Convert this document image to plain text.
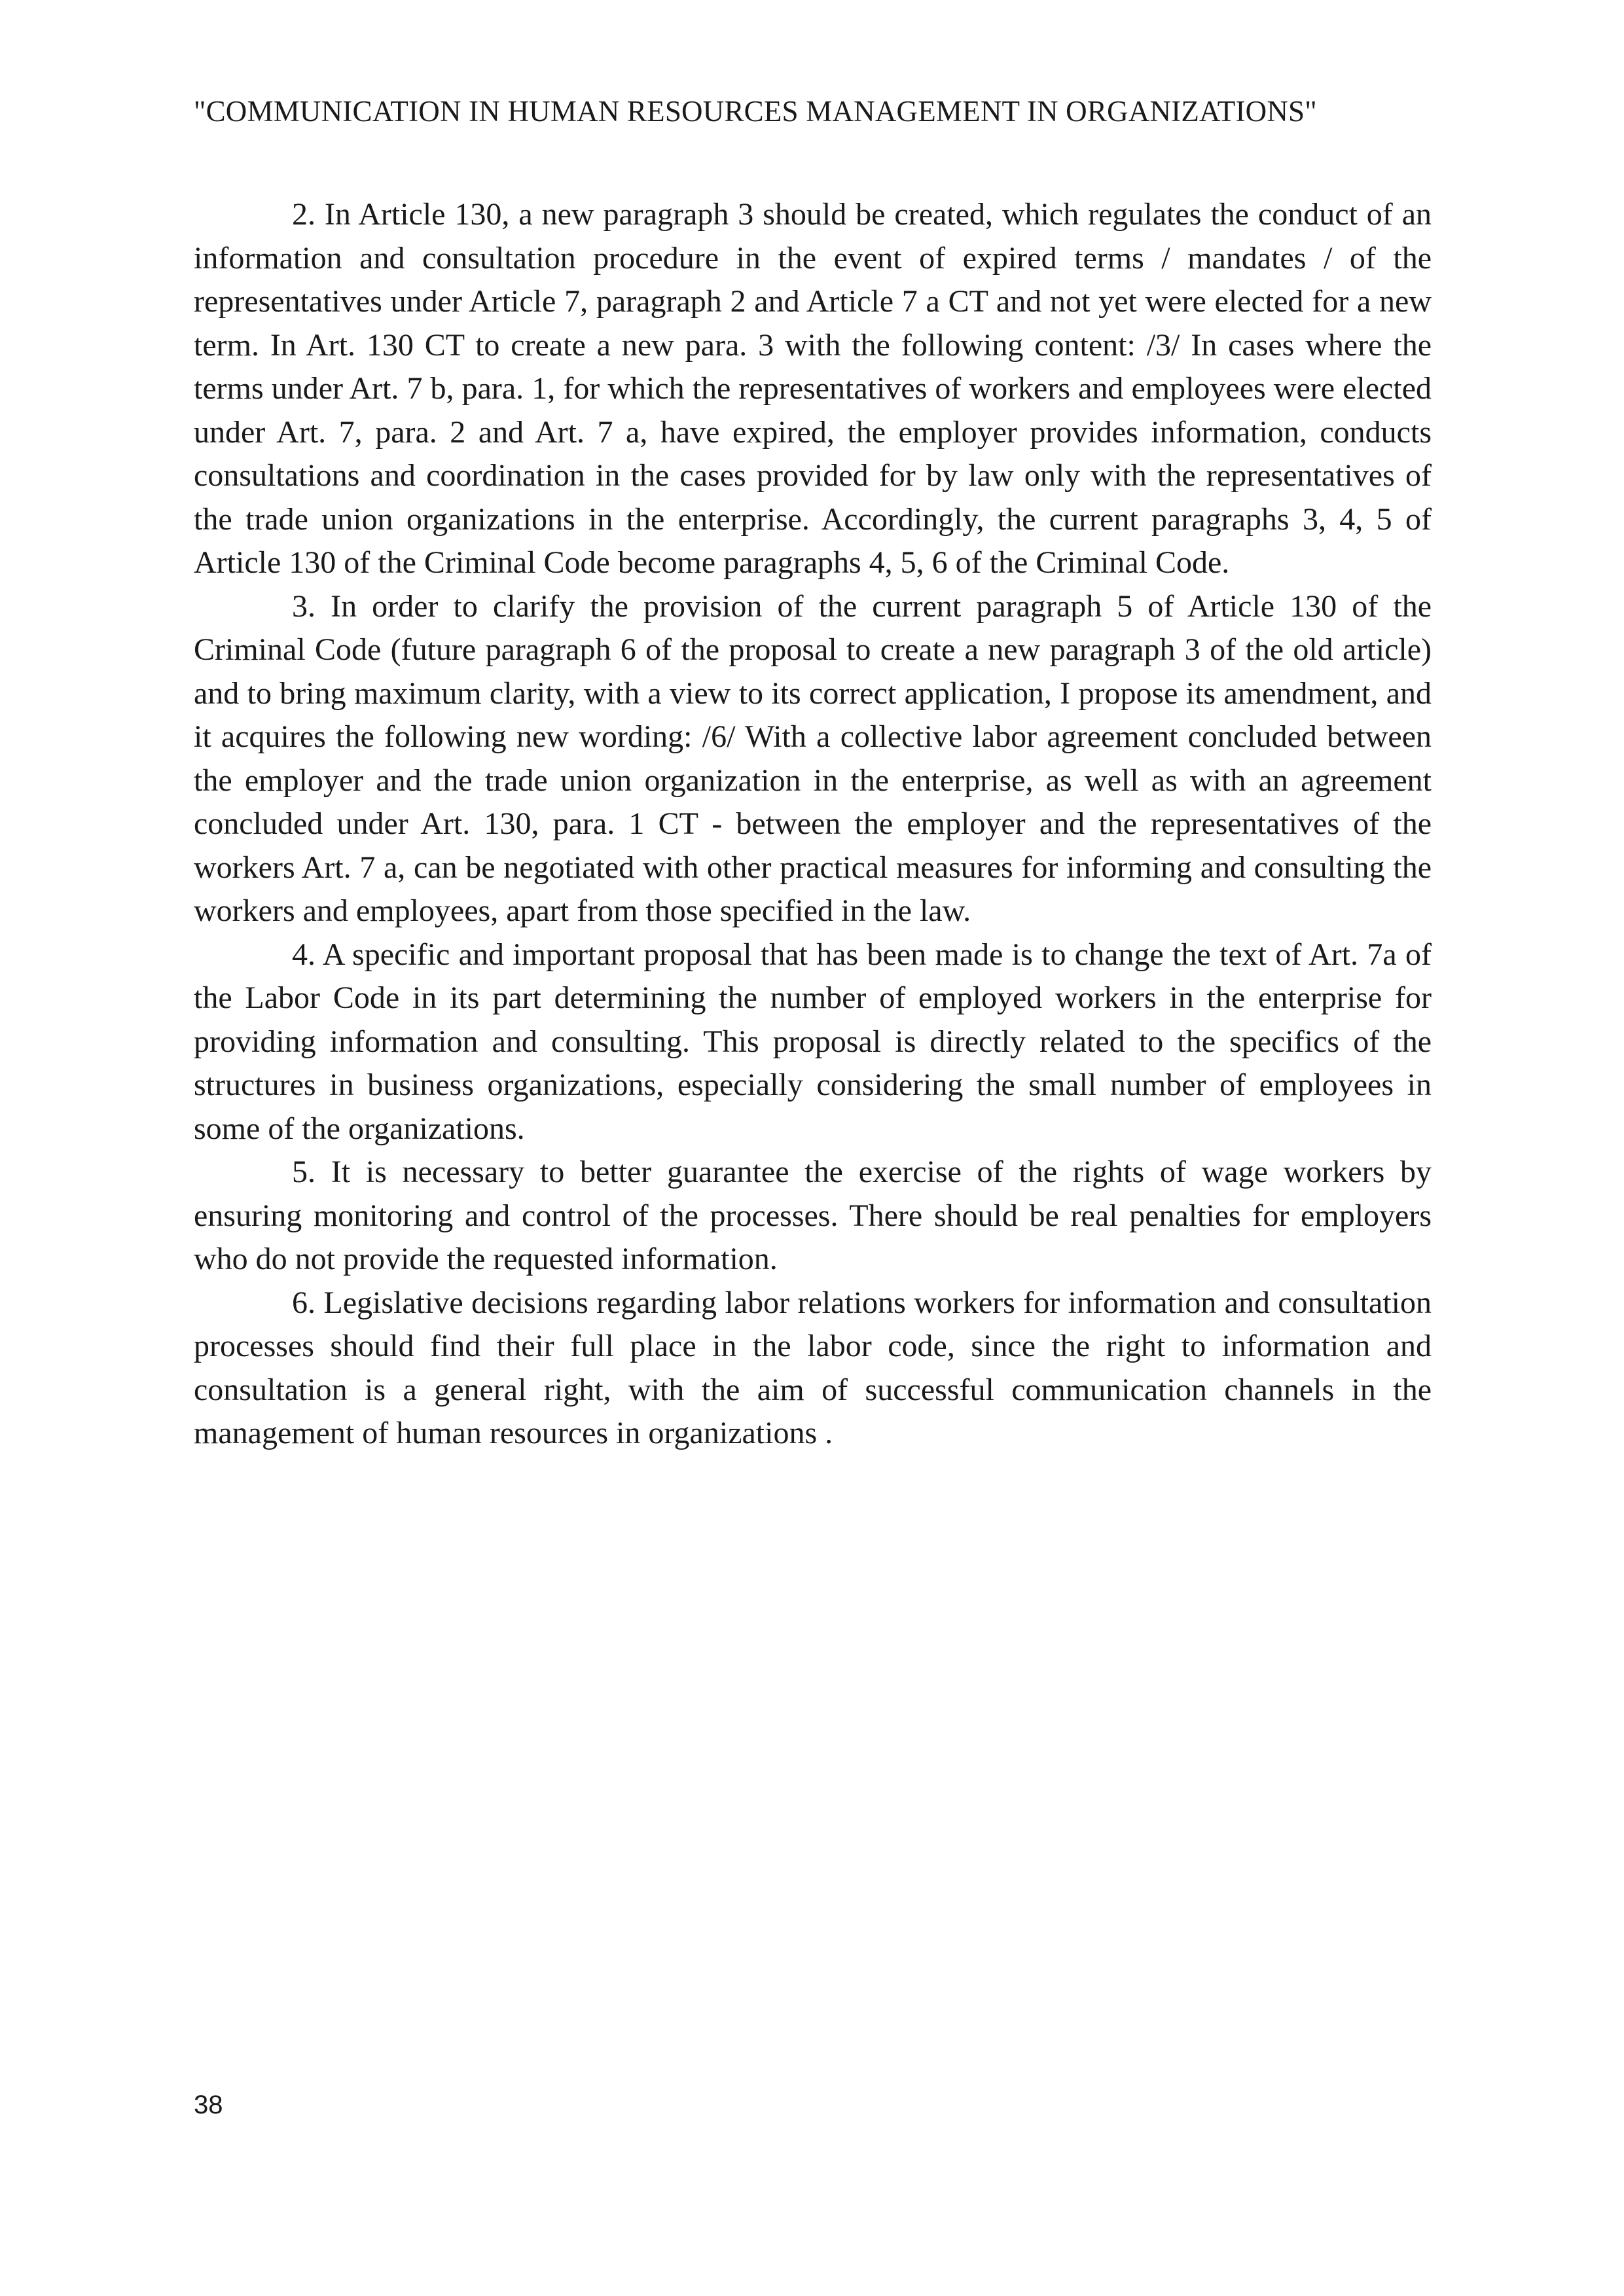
"COMMUNICATION IN HUMAN RESOURCES MANAGEMENT IN ORGANIZATIONS"

2. In Article 130, a new paragraph 3 should be created, which regulates the conduct of an information and consultation procedure in the event of expired terms / mandates / of the representatives under Article 7, paragraph 2 and Article 7 a CT and not yet were elected for a new term. In Art. 130 CT to create a new para. 3 with the following content: /3/ In cases where the terms under Art. 7 b, para. 1, for which the representatives of workers and employees were elected under Art. 7, para. 2 and Art. 7 a, have expired, the employer provides information, conducts consultations and coordination in the cases provided for by law only with the representatives of the trade union organizations in the enterprise. Accordingly, the current paragraphs 3, 4, 5 of Article 130 of the Criminal Code become paragraphs 4, 5, 6 of the Criminal Code.

3. In order to clarify the provision of the current paragraph 5 of Article 130 of the Criminal Code (future paragraph 6 of the proposal to create a new paragraph 3 of the old article) and to bring maximum clarity, with a view to its correct application, I propose its amendment, and it acquires the following new wording: /6/ With a collective labor agreement concluded between the employer and the trade union organization in the enterprise, as well as with an agreement concluded under Art. 130, para. 1 CT - between the employer and the representatives of the workers Art. 7 a, can be negotiated with other practical measures for informing and consulting the workers and employees, apart from those specified in the law.

4. A specific and important proposal that has been made is to change the text of Art. 7a of the Labor Code in its part determining the number of employed workers in the enterprise for providing information and consulting. This proposal is directly related to the specifics of the structures in business organizations, especially considering the small number of employees in some of the organizations.

5. It is necessary to better guarantee the exercise of the rights of wage workers by ensuring monitoring and control of the processes. There should be real penalties for employers who do not provide the requested information.

6. Legislative decisions regarding labor relations workers for information and consultation processes should find their full place in the labor code, since the right to information and consultation is a general right, with the aim of successful communication channels in the management of human resources in organizations .

38
